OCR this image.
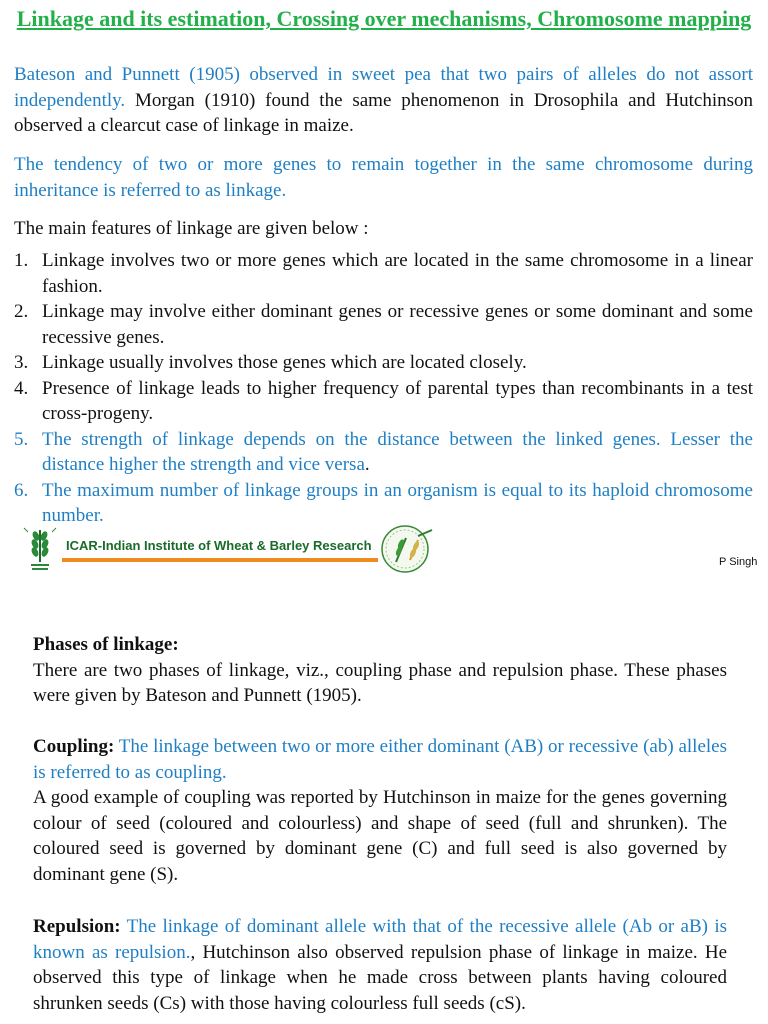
Linkage and its estimation, Crossing over mechanisms, Chromosome mapping
Bateson and Punnett (1905) observed in sweet pea that two pairs of alleles do not assort independently. Morgan (1910) found the same phenomenon in Drosophila and Hutchinson observed a clearcut case of linkage in maize.
The tendency of two or more genes to remain together in the same chromosome during inheritance is referred to as linkage.
The main features of linkage are given below :
1. Linkage involves two or more genes which are located in the same chromosome in a linear fashion.
2. Linkage may involve either dominant genes or recessive genes or some dominant and some recessive genes.
3. Linkage usually involves those genes which are located closely.
4. Presence of linkage leads to higher frequency of parental types than recombinants in a test cross-progeny.
5. The strength of linkage depends on the distance between the linked genes. Lesser the distance higher the strength and vice versa.
6. The maximum number of linkage groups in an organism is equal to its haploid chromosome number.
ICAR-Indian Institute of Wheat & Barley Research
P Singh
Phases of linkage:
There are two phases of linkage, viz., coupling phase and repulsion phase. These phases were given by Bateson and Punnett (1905).
Coupling: The linkage between two or more either dominant (AB) or recessive (ab) alleles is referred to as coupling.
A good example of coupling was reported by Hutchinson in maize for the genes governing colour of seed (coloured and colourless) and shape of seed (full and shrunken). The coloured seed is governed by dominant gene (C) and full seed is also governed by dominant gene (S).
Repulsion: The linkage of dominant allele with that of the recessive allele (Ab or aB) is known as repulsion., Hutchinson also observed repulsion phase of linkage in maize. He observed this type of linkage when he made cross between plants having coloured shrunken seeds (Cs) with those having colourless full seeds (cS).
